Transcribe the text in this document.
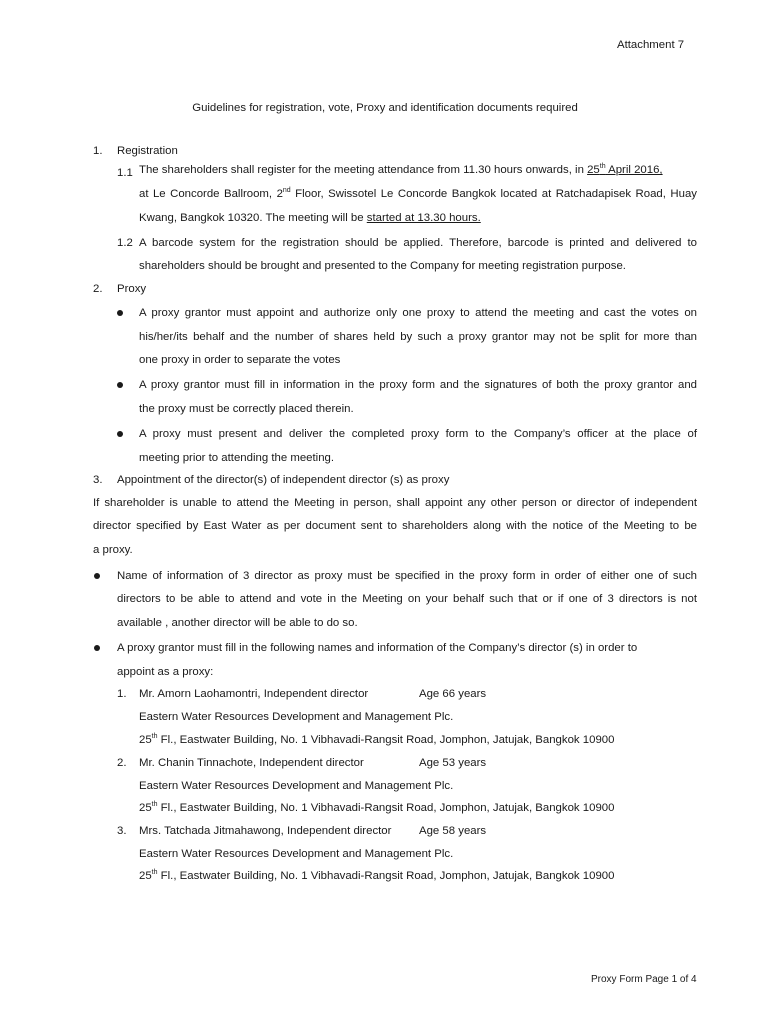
Attachment 7
Guidelines for registration, vote, Proxy and identification documents required
1. Registration
1.1 The shareholders shall register for the meeting attendance from 11.30 hours onwards, in 25th April 2016,
at Le Concorde Ballroom, 2nd Floor, Swissotel Le Concorde Bangkok located at Ratchadapisek Road, Huay
Kwang, Bangkok 10320. The meeting will be started at 13.30 hours.
1.2 A barcode system for the registration should be applied. Therefore, barcode is printed and delivered to
shareholders should be brought and presented to the Company for meeting registration purpose.
2. Proxy
A proxy grantor must appoint and authorize only one proxy to attend the meeting and cast the votes on
his/her/its behalf and the number of shares held by such a proxy grantor may not be split for more than
one proxy in order to separate the votes
A proxy grantor must fill in information in the proxy form and the signatures of both the proxy grantor and
the proxy must be correctly placed therein.
A proxy must present and deliver the completed proxy form to the Company’s officer at the place of
meeting prior to attending the meeting.
3. Appointment of the director(s) of independent director (s) as proxy
If shareholder is unable to attend the Meeting in person, shall appoint any other person or director of independent
director specified by East Water as per document sent to shareholders along with the notice of the Meeting to be
a proxy.
Name of information of 3 director as proxy must be specified in the proxy form in order of either one of such
directors to be able to attend and vote in the Meeting on your behalf such that or if one of 3 directors is not
available , another director will be able to do so.
A proxy grantor must fill in the following names and information of the Company’s director (s) in order to
appoint as a proxy:
1. Mr. Amorn Laohamontri, Independent director	Age 66 years
Eastern Water Resources Development and Management Plc.
25th Fl., Eastwater Building, No. 1 Vibhavadi-Rangsit Road, Jomphon, Jatujak, Bangkok 10900
2. Mr. Chanin Tinnachote, Independent director	Age 53 years
Eastern Water Resources Development and Management Plc.
25th Fl., Eastwater Building, No. 1 Vibhavadi-Rangsit Road, Jomphon, Jatujak, Bangkok 10900
3. Mrs. Tatchada Jitmahawong, Independent director Age 58 years
Eastern Water Resources Development and Management Plc.
25th Fl., Eastwater Building, No. 1 Vibhavadi-Rangsit Road, Jomphon, Jatujak, Bangkok 10900
Proxy Form Page 1 of 4
